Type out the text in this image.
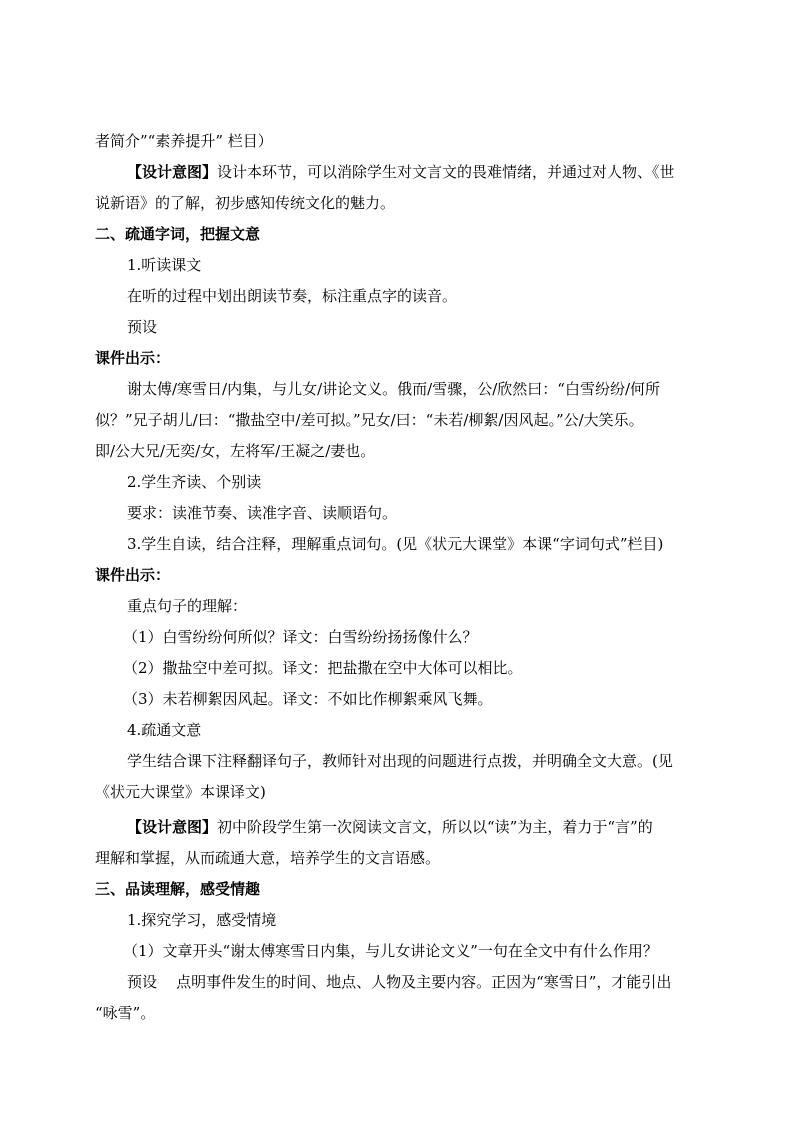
者简介”“素养提升” 栏目）
【设计意图】设计本环节，可以消除学生对文言文的畏难情绪，并通过对人物、《世
说新语》的了解，初步感知传统文化的魅力。
二、疏通字词，把握文意
1.听读课文
在听的过程中划出朗读节奏，标注重点字的读音。
预设
课件出示：
谢太傅/寒雪日/内集，与儿女/讲论文义。俄而/雪骤，公/欣然曰：“白雪纷纷/何所
似？”兄子胡儿/曰：“撒盐空中/差可拟。”兄女/曰：“未若/柳絮/因风起。”公/大笑乐。
即/公大兄/无奕/女，左将军/王凝之/妻也。
2.学生齐读、个别读
要求：读准节奏、读准字音、读顺语句。
3.学生自读，结合注释，理解重点词句。(见《状元大课堂》本课“字词句式”栏目)
课件出示：
重点句子的理解：
（1）白雪纷纷何所似？译文：白雪纷纷扬扬像什么？
（2）撒盐空中差可拟。译文：把盐撒在空中大体可以相比。
（3）未若柳絮因风起。译文：不如比作柳絮乘风飞舞。
4.疏通文意
学生结合课下注释翻译句子，教师针对出现的问题进行点拨，并明确全文大意。(见
《状元大课堂》本课译文)
【设计意图】初中阶段学生第一次阅读文言文，所以以“读”为主，着力于“言”的
理解和掌握，从而疏通大意，培养学生的文言语感。
三、品读理解，感受情趣
1.探究学习，感受情境
（1）文章开头“谢太傅寒雪日内集，与儿女讲论文义”一句在全文中有什么作用？
预设    点明事件发生的时间、地点、人物及主要内容。正因为“寒雪日”，才能引出
“咏雪”。
